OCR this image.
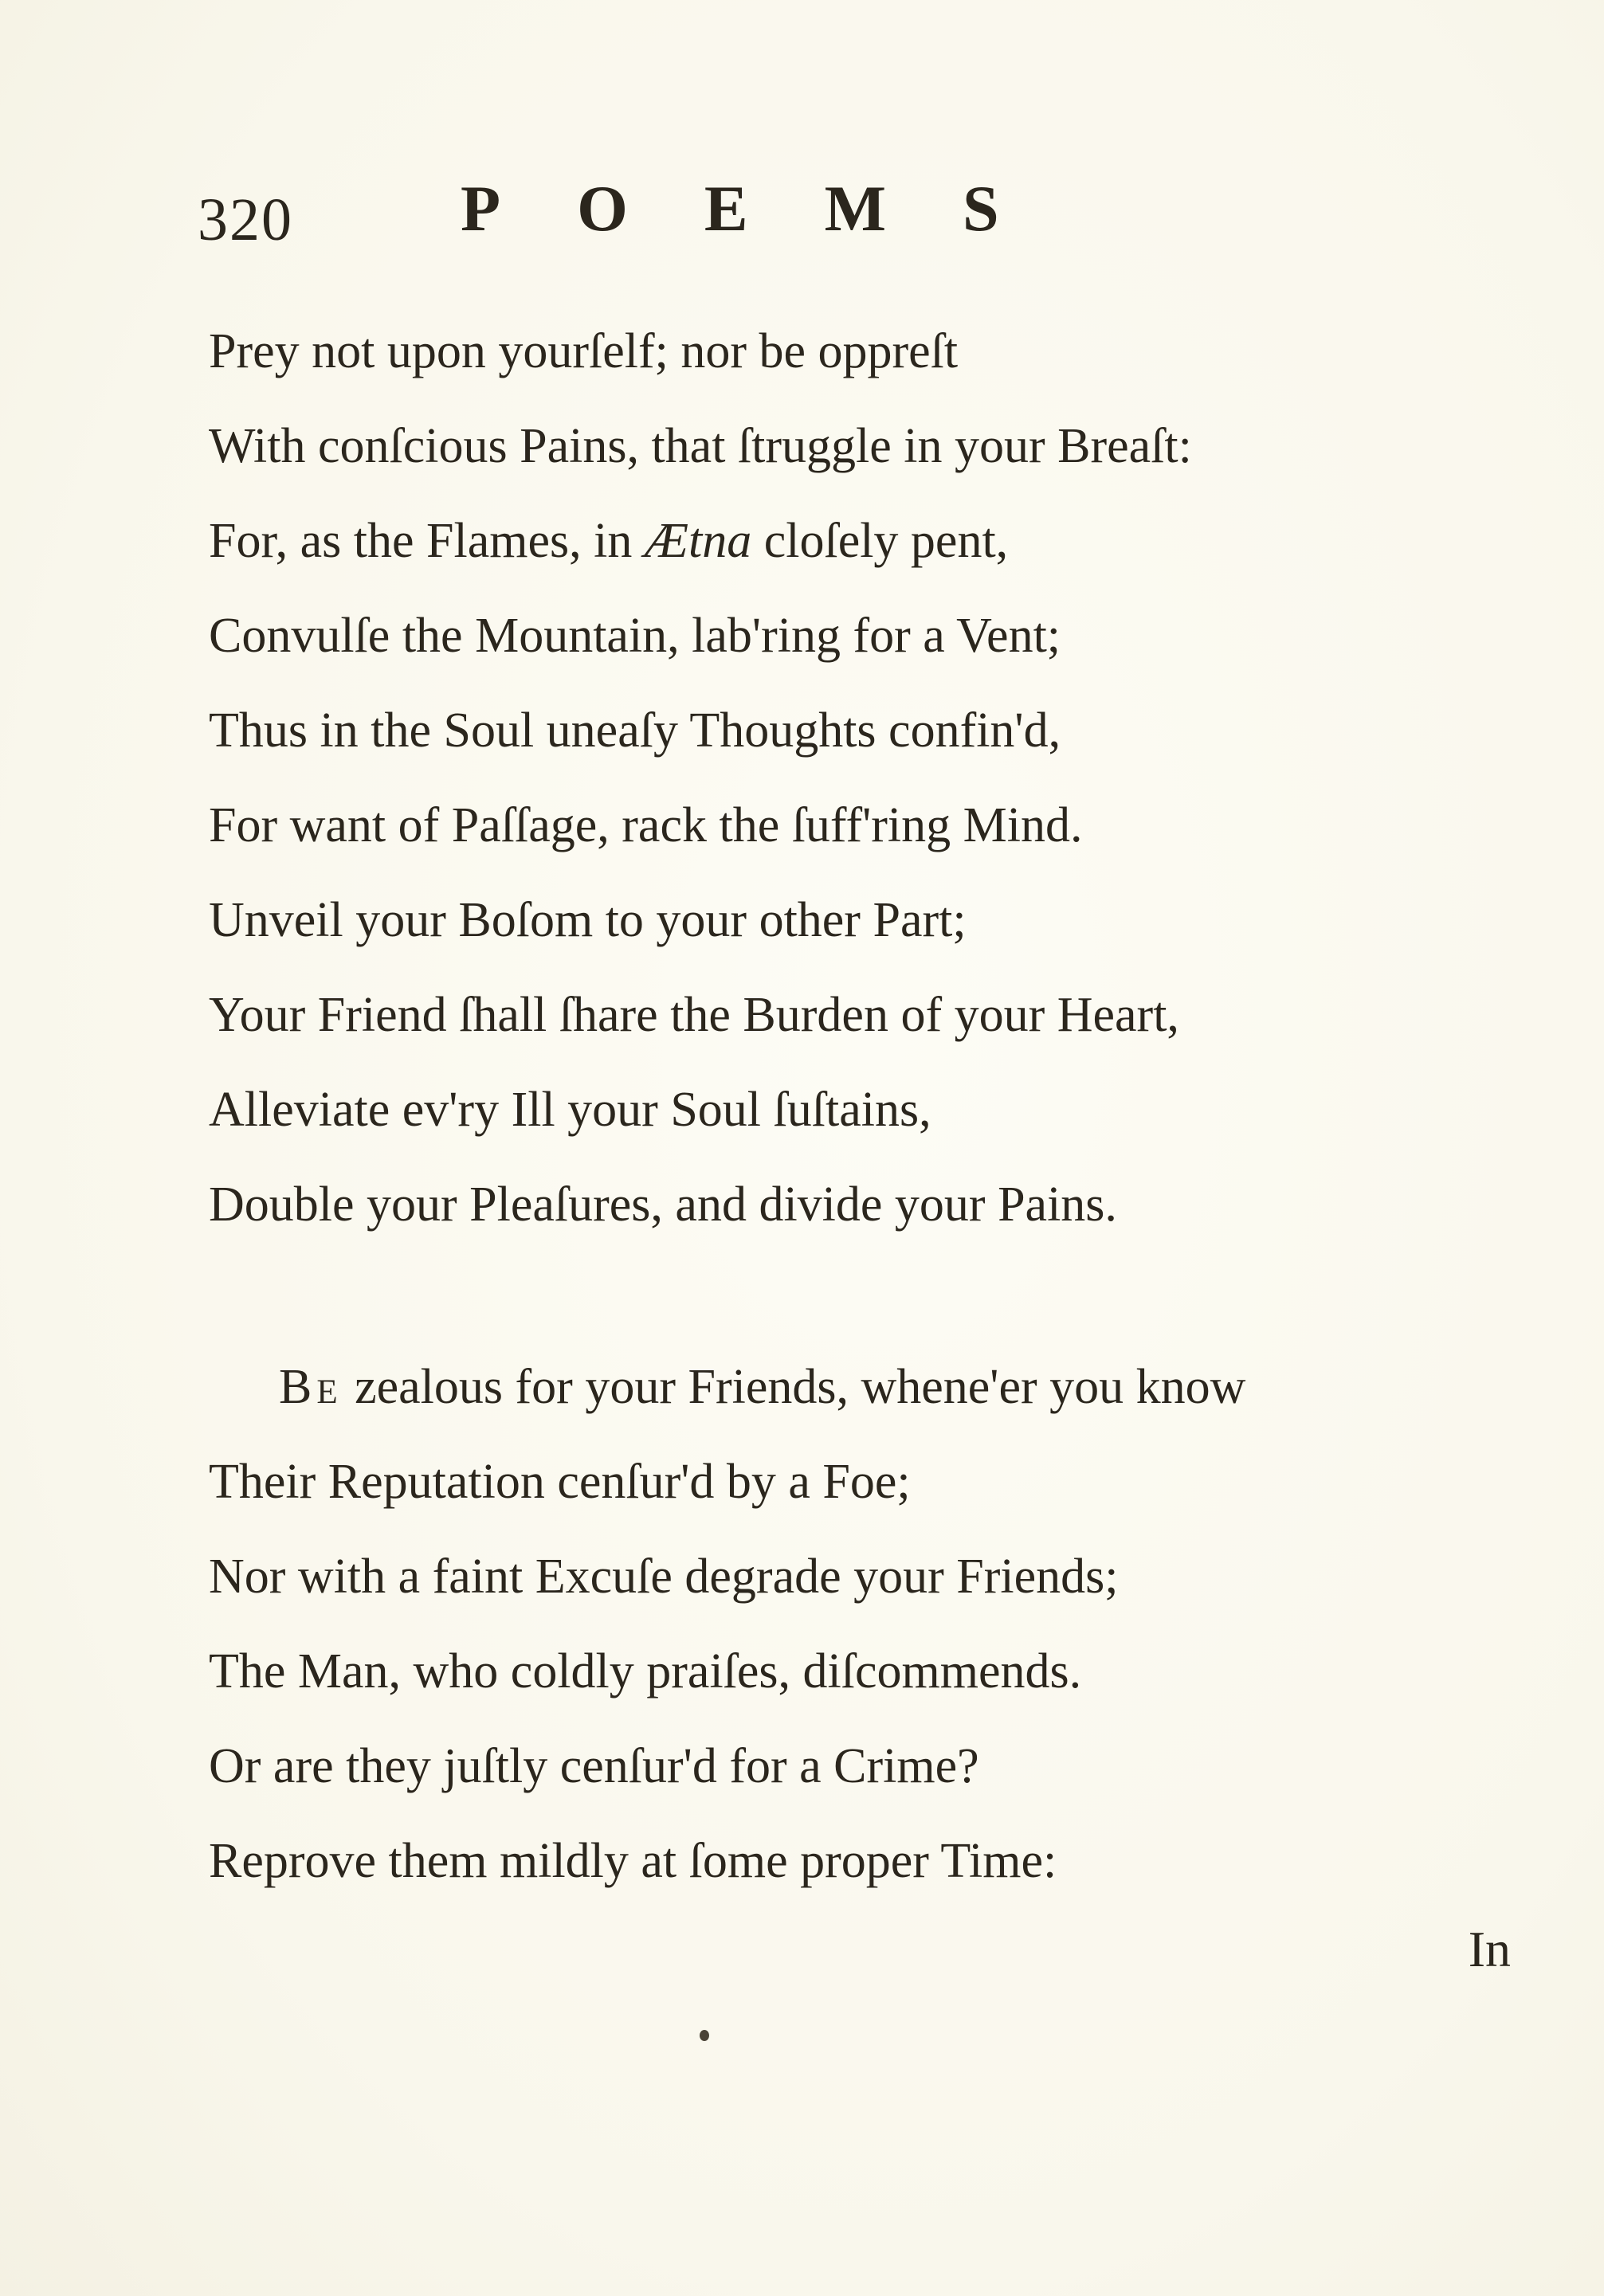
320	POEMS
Prey not upon yourſelf; nor be oppreſt
With conſcious Pains, that ſtruggle in your Breaſt:
For, as the Flames, in Ætna cloſely pent,
Convulſe the Mountain, lab'ring for a Vent;
Thus in the Soul uneaſy Thoughts confin'd,
For want of Paſſage, rack the ſuff'ring Mind.
Unveil your Boſom to your other Part;
Your Friend ſhall ſhare the Burden of your Heart,
Alleviate ev'ry Ill your Soul ſuſtains,
Double your Pleaſures, and divide your Pains.
Be zealous for your Friends, whene'er you know
Their Reputation cenſur'd by a Foe;
Nor with a faint Excuſe degrade your Friends;
The Man, who coldly praiſes, diſcommends.
Or are they juſtly cenſur'd for a Crime?
Reprove them mildly at ſome proper Time:
In
